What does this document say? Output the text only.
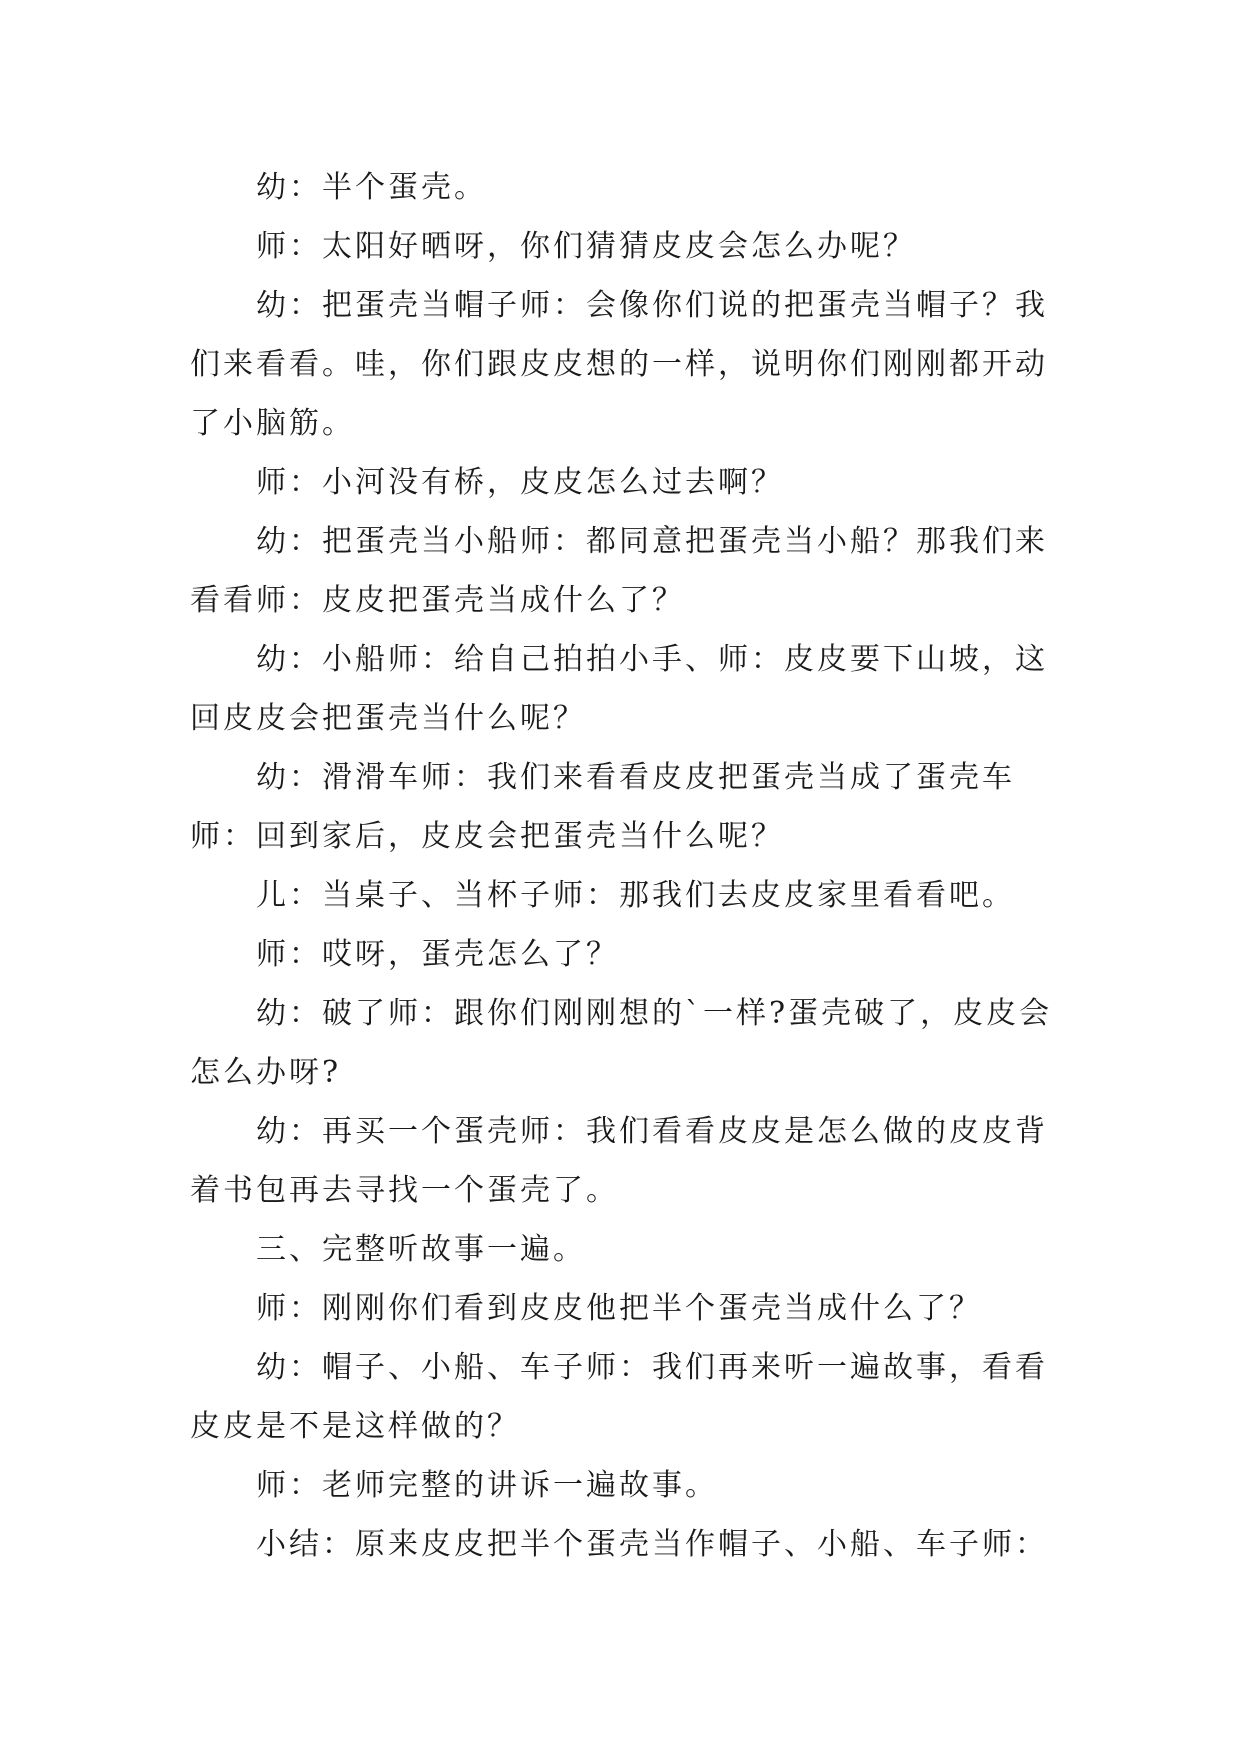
幼：半个蛋壳。

师：太阳好晒呀，你们猜猜皮皮会怎么办呢？

幼：把蛋壳当帽子师：会像你们说的把蛋壳当帽子？我们来看看。哇，你们跟皮皮想的一样，说明你们刚刚都开动了小脑筋。

师：小河没有桥，皮皮怎么过去啊？

幼：把蛋壳当小船师：都同意把蛋壳当小船？那我们来看看师：皮皮把蛋壳当成什么了？

幼：小船师：给自己拍拍小手、师：皮皮要下山坡，这回皮皮会把蛋壳当什么呢？

幼：滑滑车师：我们来看看皮皮把蛋壳当成了蛋壳车师：回到家后，皮皮会把蛋壳当什么呢？

儿：当桌子、当杯子师：那我们去皮皮家里看看吧。

师：哎呀，蛋壳怎么了？

幼：破了师：跟你们刚刚想的`一样?蛋壳破了，皮皮会怎么办呀?

幼：再买一个蛋壳师：我们看看皮皮是怎么做的皮皮背着书包再去寻找一个蛋壳了。

三、完整听故事一遍。

师：刚刚你们看到皮皮他把半个蛋壳当成什么了？

幼：帽子、小船、车子师：我们再来听一遍故事，看看皮皮是不是这样做的？

师：老师完整的讲诉一遍故事。

小结：原来皮皮把半个蛋壳当作帽子、小船、车子师：
